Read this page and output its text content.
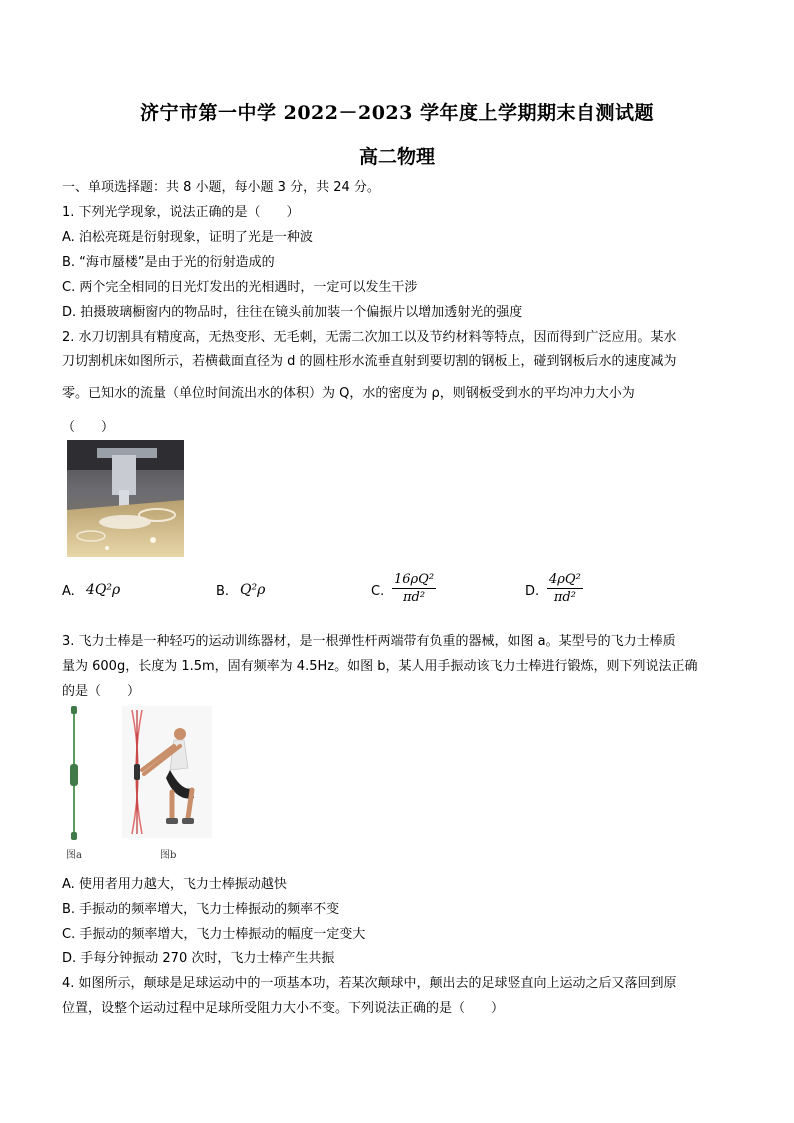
济宁市第一中学 2022－2023 学年度上学期期末自测试题
高二物理
一、单项选择题：共 8 小题，每小题 3 分，共 24 分。
1. 下列光学现象，说法正确的是（　　）
A. 泊松亮斑是衍射现象，证明了光是一种波
B. “海市蜃楼”是由于光的衍射造成的
C. 两个完全相同的日光灯发出的光相遇时，一定可以发生干涉
D. 拍摄玻璃橱窗内的物品时，往往在镜头前加装一个偏振片以增加透射光的强度
2. 水刀切割具有精度高，无热变形、无毛刺，无需二次加工以及节约材料等特点，因而得到广泛应用。某水
刀切割机床如图所示，若横截面直径为 d 的圆柱形水流垂直射到要切割的钢板上，碰到钢板后水的速度减为
零。已知水的流量（单位时间流出水的体积）为 Q，水的密度为 ρ，则钢板受到水的平均冲力大小为
（　　）
A. 4Q²ρ	B. Q²ρ	C. $\frac{\text{16ρQ²}}{\text{πd²}}$	D. $\frac{\text{4ρQ²}}{\text{πd²}}$
3. 飞力士棒是一种轻巧的运动训练器材，是一根弹性杆两端带有负重的器械，如图 a。某型号的飞力士棒质
量为 600g，长度为 1.5m，固有频率为 4.5Hz。如图 b，某人用手振动该飞力士棒进行锻炼，则下列说法正确
的是（　　）
图a	图b
A. 使用者用力越大，飞力士棒振动越快
B. 手振动的频率增大，飞力士棒振动的频率不变
C. 手振动的频率增大，飞力士棒振动的幅度一定变大
D. 手每分钟振动 270 次时，飞力士棒产生共振
4. 如图所示，颠球是足球运动中的一项基本功，若某次颠球中，颠出去的足球竖直向上运动之后又落回到原
位置，设整个运动过程中足球所受阻力大小不变。下列说法正确的是（　　）
